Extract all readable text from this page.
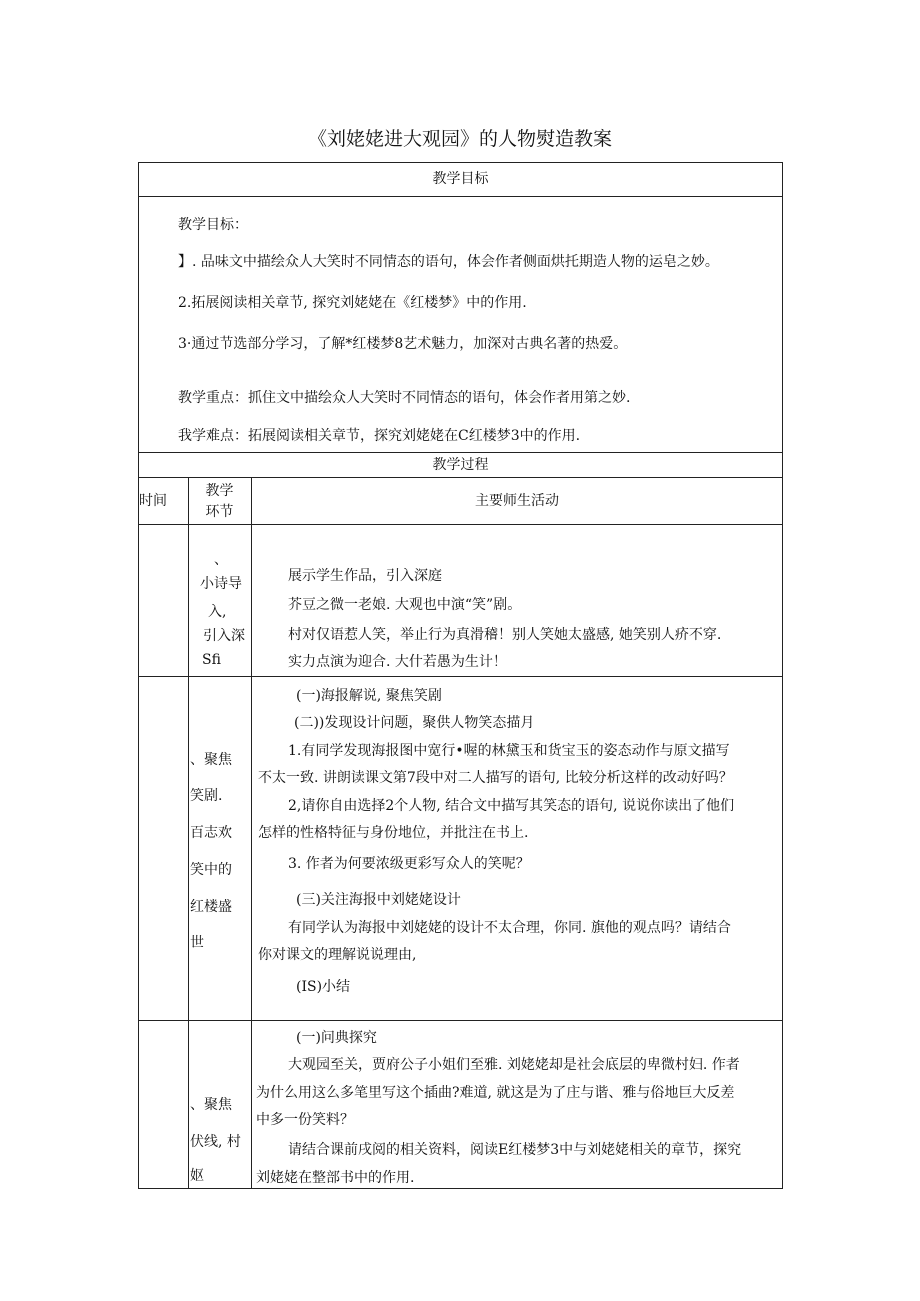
《刘姥姥进大观园》的人物熨造教案
教学目标
教学目标：
】. 品味文中描绘众人大笑时不同情态的语句，体会作者侧面烘托期造人物的运皂之妙。
2.拓展阅读相关章节, 探究刘姥姥在《红楼梦》中的作用.
3·通过节选部分学习，了解*红楼梦8艺术魅力，加深对古典名著的热爱。
教学重点：抓住文中描绘众人大笑时不同情态的语句，体会作者用第之妙.
我学难点：拓展阅读相关章节，探究刘姥姥在C红楼梦3中的作用.
教学过程
时间
教学
环节
主要师生活动
、
小诗导
入,
引入深
Sfi
展示学生作品，引入深庭
芥豆之微一老娘. 大观也中演“笑”剧。
村对仅语惹人笑，举止行为真滑稽！别人笑她太盛感, 她笑别人疥不穿.
实力点演为迎合. 大什若愚为生计！
、聚焦
笑剧.
百志欢
笑中的
红楼盛
世
(一)海报解说, 聚焦笑剧
(二))发现设计问题，聚供人物笑态描月
1.有同学发现海报图中宽行•喔的林黛玉和货宝玉的姿态动作与原文描写
不太一致. 讲朗读课文第7段中对二人描写的语句, 比较分析这样的改动好吗？
2,请你自由选择2个人物, 结合文中描写其笑态的语句, 说说你读出了他们
怎样的性格特征与身份地位，并批注在书上.
3. 作者为何要浓级更彩写众人的笑呢？
(三)关注海报中刘姥姥设计
有同学认为海报中刘姥姥的设计不太合理，你同. 旗他的观点吗？请结合
你对课文的理解说说理由,
(IS)小结
、聚焦
伏线, 村
妪
(一)问典探究
大观园至关，贾府公子小姐们至雅. 刘姥姥却是社会底层的卑微村妇. 作者
为什么用这么多笔里写这个插曲?难道, 就这是为了庄与谐、雅与俗地巨大反差
中多一份笑料？
请结合课前戌阅的相关资料，阅读E红楼梦3中与刘姥姥相关的章节，探究
刘姥姥在整部书中的作用.
